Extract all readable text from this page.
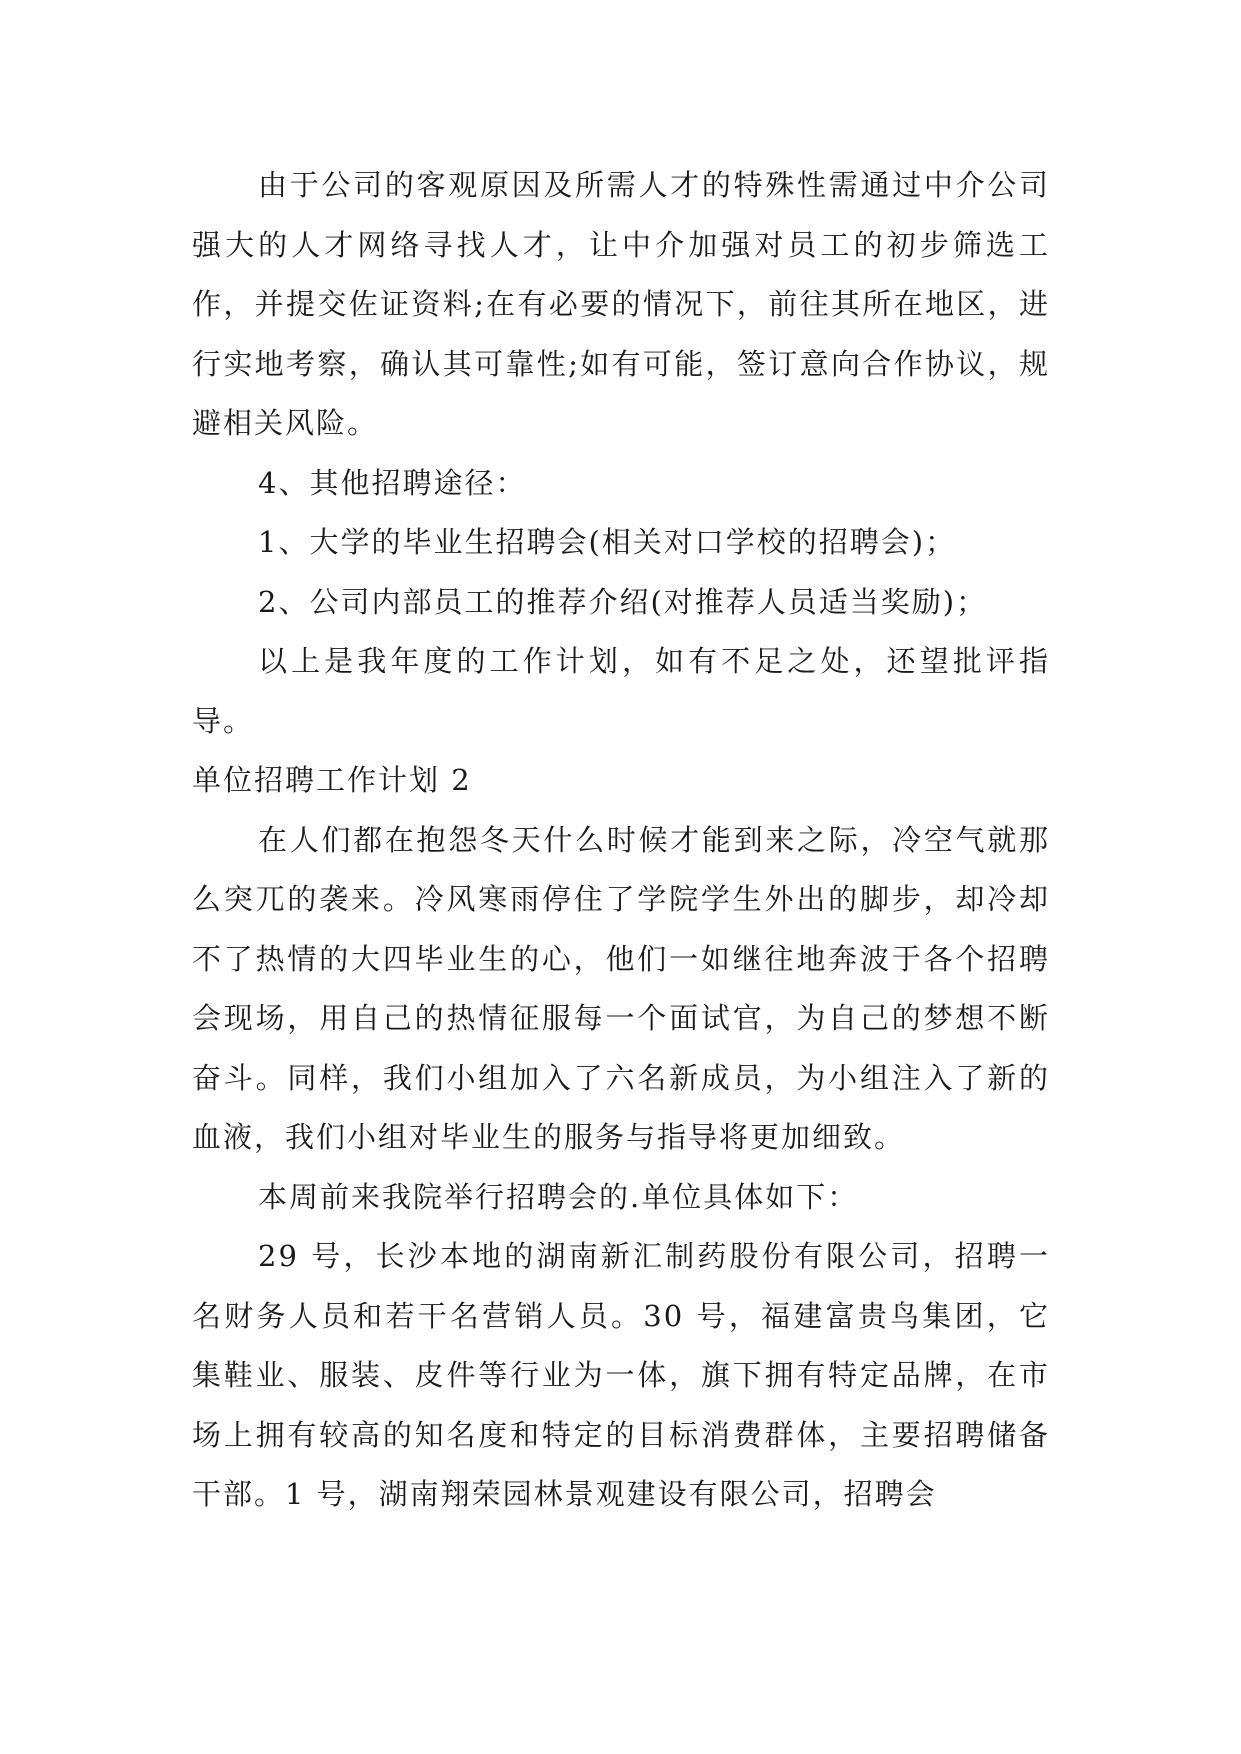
由于公司的客观原因及所需人才的特殊性需通过中介公司强大的人才网络寻找人才，让中介加强对员工的初步筛选工作，并提交佐证资料;在有必要的情况下，前往其所在地区，进行实地考察，确认其可靠性;如有可能，签订意向合作协议，规避相关风险。

4、其他招聘途径：

1、大学的毕业生招聘会(相关对口学校的招聘会)；

2、公司内部员工的推荐介绍(对推荐人员适当奖励)；

以上是我年度的工作计划，如有不足之处，还望批评指导。

单位招聘工作计划 2

在人们都在抱怨冬天什么时候才能到来之际，冷空气就那么突兀的袭来。冷风寒雨停住了学院学生外出的脚步，却冷却不了热情的大四毕业生的心，他们一如继往地奔波于各个招聘会现场，用自己的热情征服每一个面试官，为自己的梦想不断奋斗。同样，我们小组加入了六名新成员，为小组注入了新的血液，我们小组对毕业生的服务与指导将更加细致。

本周前来我院举行招聘会的.单位具体如下：

29 号，长沙本地的湖南新汇制药股份有限公司，招聘一名财务人员和若干名营销人员。30 号，福建富贵鸟集团，它集鞋业、服装、皮件等行业为一体，旗下拥有特定品牌，在市场上拥有较高的知名度和特定的目标消费群体，主要招聘储备干部。1 号，湖南翔荣园林景观建设有限公司，招聘会
